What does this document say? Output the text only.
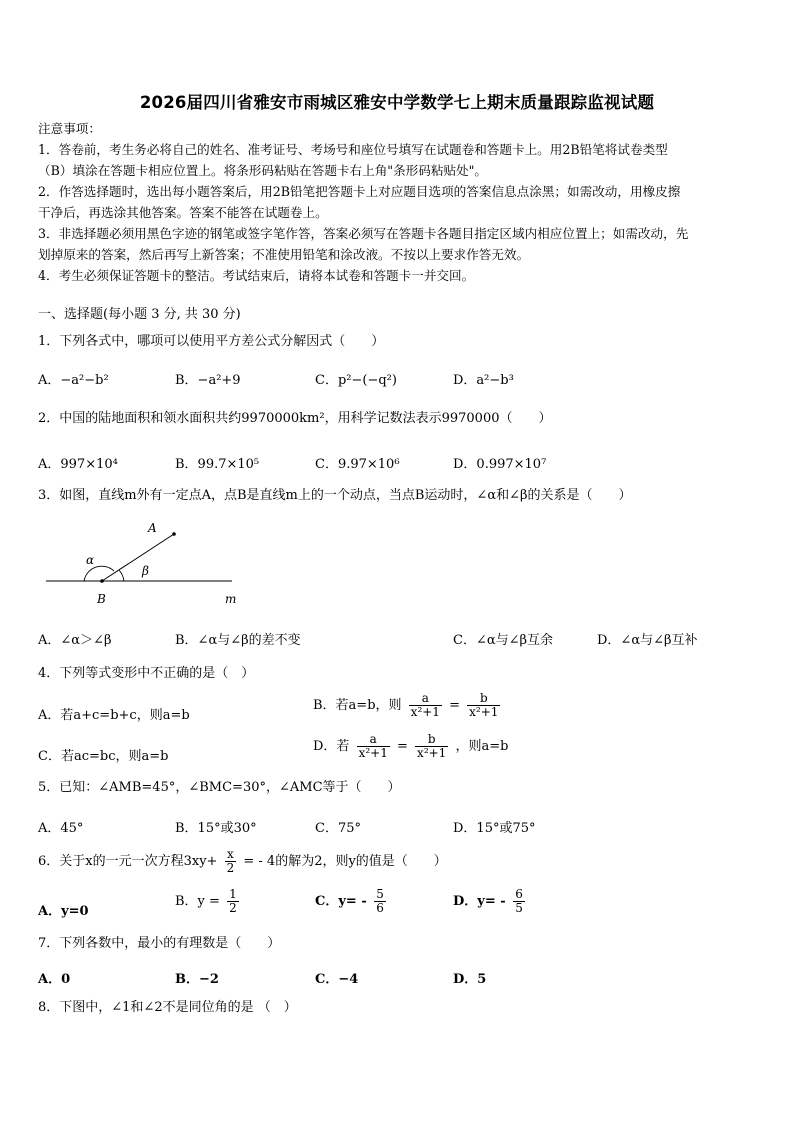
2026届四川省雅安市雨城区雅安中学数学七上期末质量跟踪监视试题
注意事项：
1．答卷前，考生务必将自己的姓名、准考证号、考场号和座位号填写在试题卷和答题卡上。用2B铅笔将试卷类型
（B）填涂在答题卡相应位置上。将条形码粘贴在答题卡右上角"条形码粘贴处"。
2．作答选择题时，选出每小题答案后，用2B铅笔把答题卡上对应题目选项的答案信息点涂黑；如需改动，用橡皮擦
干净后，再选涂其他答案。答案不能答在试题卷上。
3．非选择题必须用黑色字迹的钢笔或签字笔作答，答案必须写在答题卡各题目指定区域内相应位置上；如需改动，先
划掉原来的答案，然后再写上新答案；不准使用铅笔和涂改液。不按以上要求作答无效。
4．考生必须保证答题卡的整洁。考试结束后，请将本试卷和答题卡一并交回。
一、选择题(每小题 3 分, 共 30 分)
1．下列各式中，哪项可以使用平方差公式分解因式（　　）
A．−a²−b²	B．−a²+9	C．p²−(−q²)	D．a²−b³
2．中国的陆地面积和领水面积共约9970000km²，用科学记数法表示9970000（　　）
A．997×10⁴	B．99.7×10⁵	C．9.97×10⁶	D．0.997×10⁷
3．如图，直线m外有一定点A，点B是直线m上的一个动点，当点B运动时，∠α和∠β的关系是（　　）
A
α
β
B	m
A．∠α＞∠β	B．∠α与∠β的差不变	C．∠α与∠β互余	D．∠α与∠β互补
4．下列等式变形中不正确的是（　）
A．若a+c=b+c，则a=b
B．若a=b，则 $\frac{a}{\text{x²+1}} = \frac{b}{\text{x²+1}}$
C．若ac=bc，则a=b
D．若 $\frac{a}{\text{x²+1}} = \frac{b}{\text{x²+1}}$ ，则a=b
5．已知：∠AMB=45°，∠BMC=30°，∠AMC等于（　　）
A．45°	B．15°或30°	C．75°	D．15°或75°
6．关于x的一元一次方程$3xy+ \frac{x}{2}$ = - 4的解为2，则y的值是（　　）
A．y=0
B．$y = \frac{1}{2}$	C．$y= - \frac{5}{6}$	D．$y= - \frac{6}{5}$
7．下列各数中，最小的有理数是（　　）
A．0	B．−2	C．−4	D．5
8．下图中，∠1和∠2不是同位角的是 （　）
